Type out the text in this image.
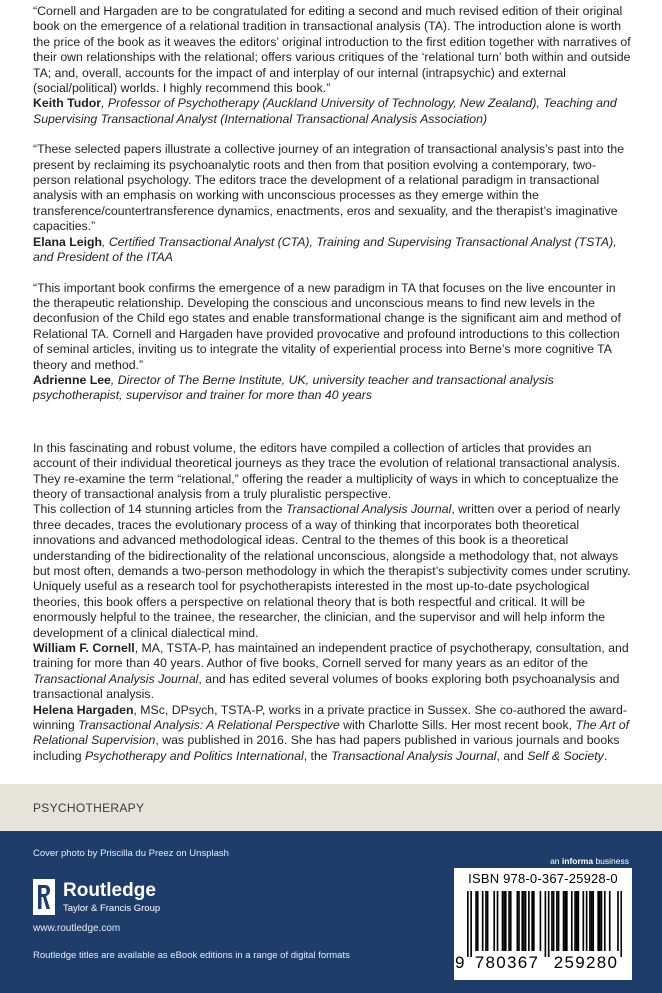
“Cornell and Hargaden are to be congratulated for editing a second and much revised edition of their original book on the emergence of a relational tradition in transactional analysis (TA). The introduction alone is worth the price of the book as it weaves the editors’ original introduction to the first edition together with narratives of their own relationships with the relational; offers various critiques of the ‘relational turn’ both within and outside TA; and, overall, accounts for the impact of and interplay of our internal (intrapsychic) and external (social/political) worlds. I highly recommend this book.”

Keith Tudor, Professor of Psychotherapy (Auckland University of Technology, New Zealand), Teaching and Supervising Transactional Analyst (International Transactional Analysis Association)

“These selected papers illustrate a collective journey of an integration of transactional analysis’s past into the present by reclaiming its psychoanalytic roots and then from that position evolving a contemporary, two-person relational psychology. The editors trace the development of a relational paradigm in transactional analysis with an emphasis on working with unconscious processes as they emerge within the transference/countertransference dynamics, enactments, eros and sexuality, and the therapist’s imaginative capacities.”

Elana Leigh, Certified Transactional Analyst (CTA), Training and Supervising Transactional Analyst (TSTA), and President of the ITAA

“This important book confirms the emergence of a new paradigm in TA that focuses on the live encounter in the therapeutic relationship. Developing the conscious and unconscious means to find new levels in the deconfusion of the Child ego states and enable transformational change is the significant aim and method of Relational TA. Cornell and Hargaden have provided provocative and profound introductions to this collection of seminal articles, inviting us to integrate the vitality of experiential process into Berne’s more cognitive TA theory and method.”

Adrienne Lee, Director of The Berne Institute, UK, university teacher and transactional analysis psychotherapist, supervisor and trainer for more than 40 years

In this fascinating and robust volume, the editors have compiled a collection of articles that provides an account of their individual theoretical journeys as they trace the evolution of relational transactional analysis. They re-examine the term “relational,” offering the reader a multiplicity of ways in which to conceptualize the theory of transactional analysis from a truly pluralistic perspective.

This collection of 14 stunning articles from the Transactional Analysis Journal, written over a period of nearly three decades, traces the evolutionary process of a way of thinking that incorporates both theoretical innovations and advanced methodological ideas. Central to the themes of this book is a theoretical understanding of the bidirectionality of the relational unconscious, alongside a methodology that, not always but most often, demands a two-person methodology in which the therapist’s subjectivity comes under scrutiny.

Uniquely useful as a research tool for psychotherapists interested in the most up-to-date psychological theories, this book offers a perspective on relational theory that is both respectful and critical. It will be enormously helpful to the trainee, the researcher, the clinician, and the supervisor and will help inform the development of a clinical dialectical mind.

William F. Cornell, MA, TSTA-P, has maintained an independent practice of psychotherapy, consultation, and training for more than 40 years. Author of five books, Cornell served for many years as an editor of the Transactional Analysis Journal, and has edited several volumes of books exploring both psychoanalysis and transactional analysis.

Helena Hargaden, MSc, DPsych, TSTA-P, works in a private practice in Sussex. She co-authored the award-winning Transactional Analysis: A Relational Perspective with Charlotte Sills. Her most recent book, The Art of Relational Supervision, was published in 2016. She has had papers published in various journals and books including Psychotherapy and Politics International, the Transactional Analysis Journal, and Self & Society.

PSYCHOTHERAPY
Cover photo by Priscilla du Preez on Unsplash
an informa business
Routledge
Taylor & Francis Group
www.routledge.com
Routledge titles are available as eBook editions in a range of digital formats
ISBN 978-0-367-25928-0
9 780367 259280
